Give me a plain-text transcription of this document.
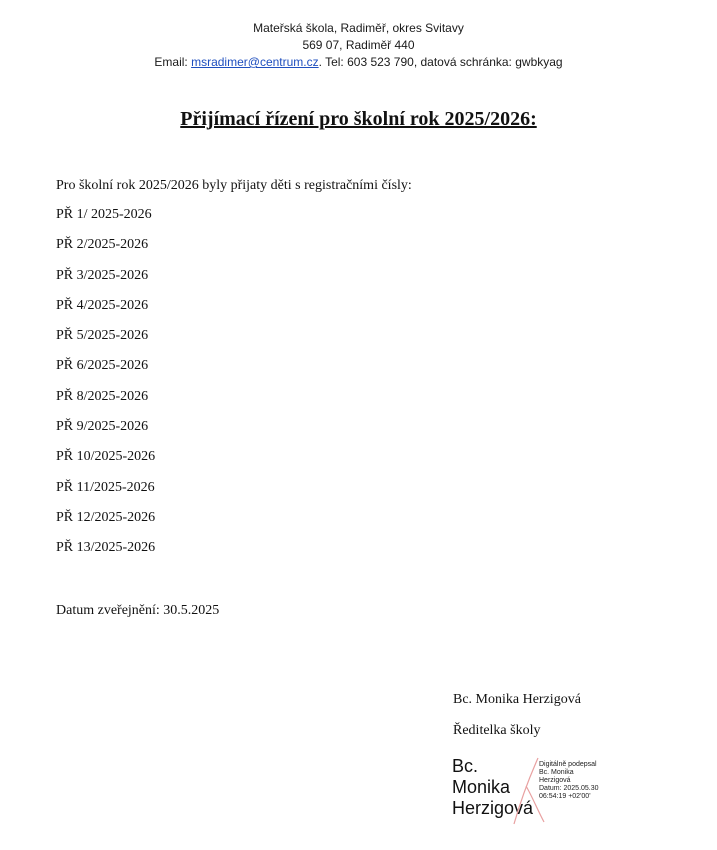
Mateřská škola, Radiměř, okres Svitavy
569 07, Radiměř 440
Email: msradimer@centrum.cz. Tel: 603 523 790, datová schránka: gwbkyag
Přijímací řízení pro školní rok 2025/2026:
Pro školní rok 2025/2026 byly přijaty děti s registračními čísly:
PŘ 1/ 2025-2026
PŘ 2/2025-2026
PŘ 3/2025-2026
PŘ 4/2025-2026
PŘ 5/2025-2026
PŘ 6/2025-2026
PŘ 8/2025-2026
PŘ 9/2025-2026
PŘ 10/2025-2026
PŘ 11/2025-2026
PŘ 12/2025-2026
PŘ 13/2025-2026
Datum zveřejnění: 30.5.2025
Bc. Monika Herzigová
Ředitelka školy
Bc.
Monika
Herzigová
Digitálně podepsal
Bc. Monika
Herzigová
Datum: 2025.05.30
06:54:19 +02'00'
